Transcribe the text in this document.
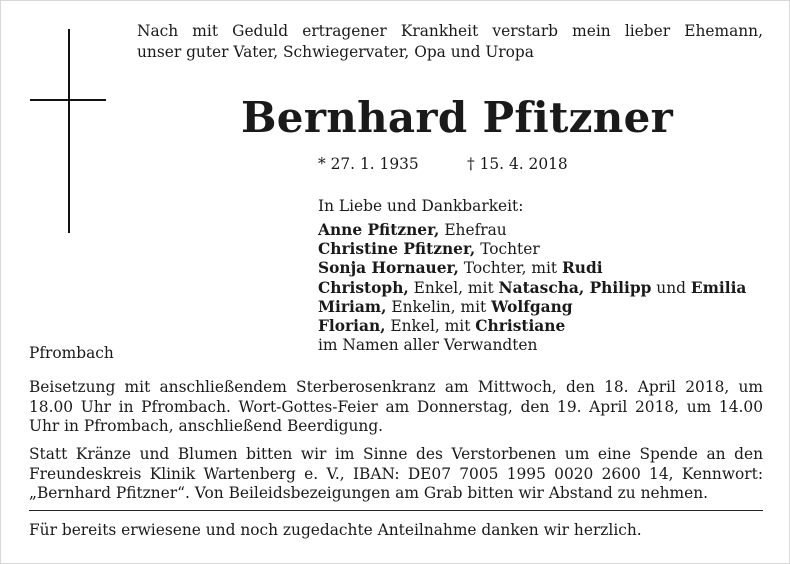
Nach mit Geduld ertragener Krankheit verstarb mein lieber Ehemann,
unser guter Vater, Schwiegervater, Opa und Uropa

Bernhard Pfitzner
* 27. 1. 1935	† 15. 4. 2018
In Liebe und Dankbarkeit:
Anne Pfitzner, Ehefrau
Christine Pfitzner, Tochter
Sonja Hornauer, Tochter, mit Rudi
Christoph, Enkel, mit Natascha, Philipp und Emilia
Miriam, Enkelin, mit Wolfgang
Florian, Enkel, mit Christiane
im Namen aller Verwandten
Pfrombach

Beisetzung mit anschließendem Sterberosenkranz am Mittwoch, den 18. April 2018, um 18.00 Uhr in Pfrombach. Wort-Gottes-Feier am Donnerstag, den 19. April 2018, um 14.00 Uhr in Pfrombach, anschließend Beerdigung.

Statt Kränze und Blumen bitten wir im Sinne des Verstorbenen um eine Spende an den Freundeskreis Klinik Wartenberg e. V., IBAN: DE07 7005 1995 0020 2600 14, Kennwort: „Bernhard Pfitzner“. Von Beileidsbezeigungen am Grab bitten wir Abstand zu nehmen.

Für bereits erwiesene und noch zugedachte Anteilnahme danken wir herzlich.
